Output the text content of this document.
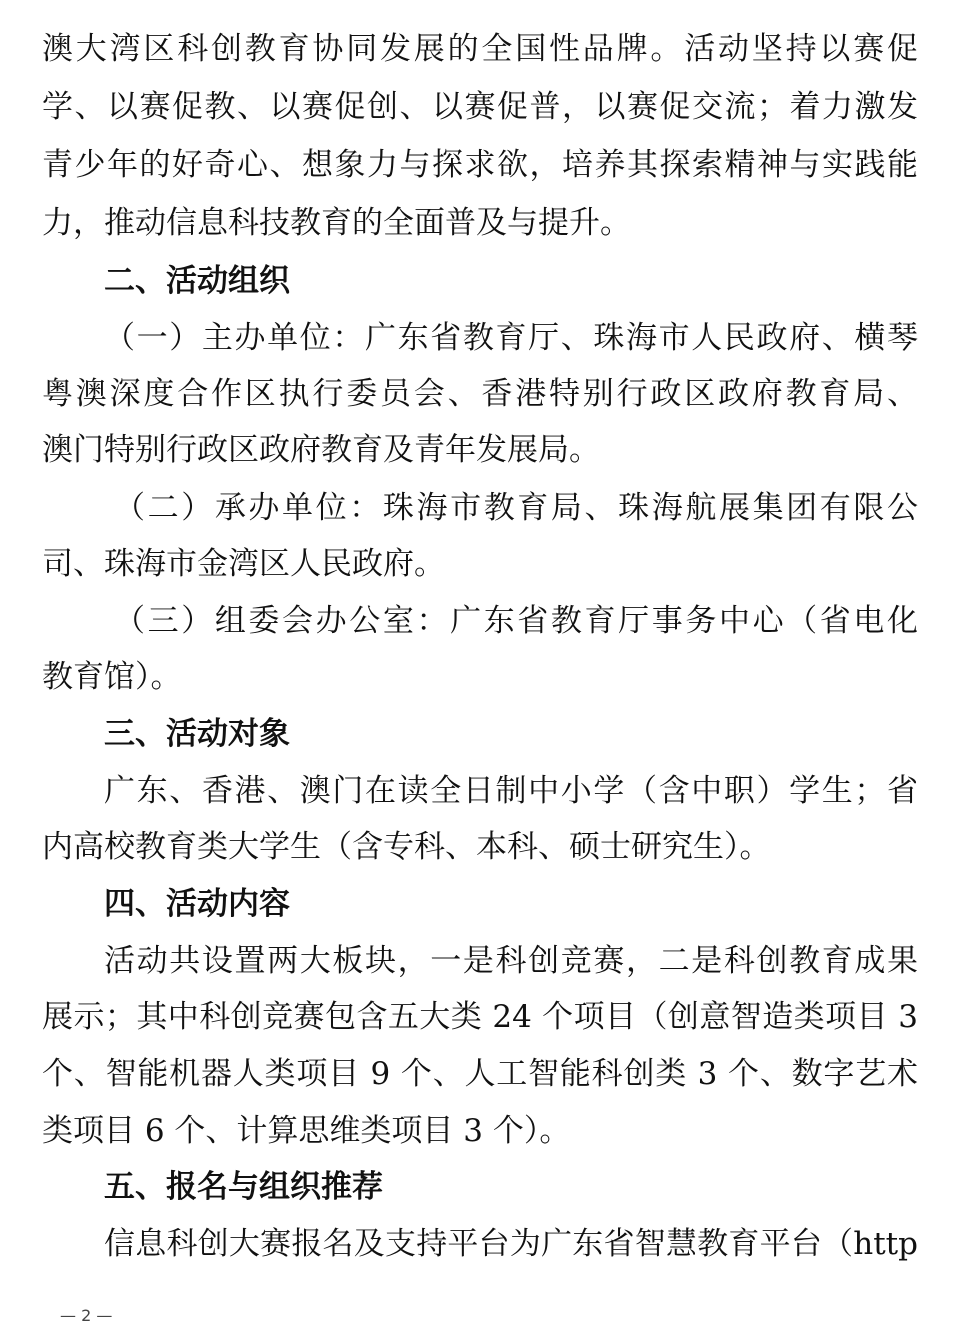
澳大湾区科创教育协同发展的全国性品牌。活动坚持以赛促
学、以赛促教、以赛促创、以赛促普，以赛促交流；着力激发
青少年的好奇心、想象力与探求欲，培养其探索精神与实践能
力，推动信息科技教育的全面普及与提升。
二、活动组织
（一）主办单位：广东省教育厅、珠海市人民政府、横琴
粤澳深度合作区执行委员会、香港特别行政区政府教育局、
澳门特别行政区政府教育及青年发展局。
（二）承办单位：珠海市教育局、珠海航展集团有限公
司、珠海市金湾区人民政府。
（三）组委会办公室：广东省教育厅事务中心（省电化
教育馆）。
三、活动对象
广东、香港、澳门在读全日制中小学（含中职）学生；省
内高校教育类大学生（含专科、本科、硕士研究生）。
四、活动内容
活动共设置两大板块，一是科创竞赛，二是科创教育成果
展示；其中科创竞赛包含五大类 24 个项目（创意智造类项目 3
个、智能机器人类项目 9 个、人工智能科创类 3 个、数字艺术
类项目 6 个、计算思维类项目 3 个）。
五、报名与组织推荐
信息科创大赛报名及支持平台为广东省智慧教育平台（http
— 2 —
